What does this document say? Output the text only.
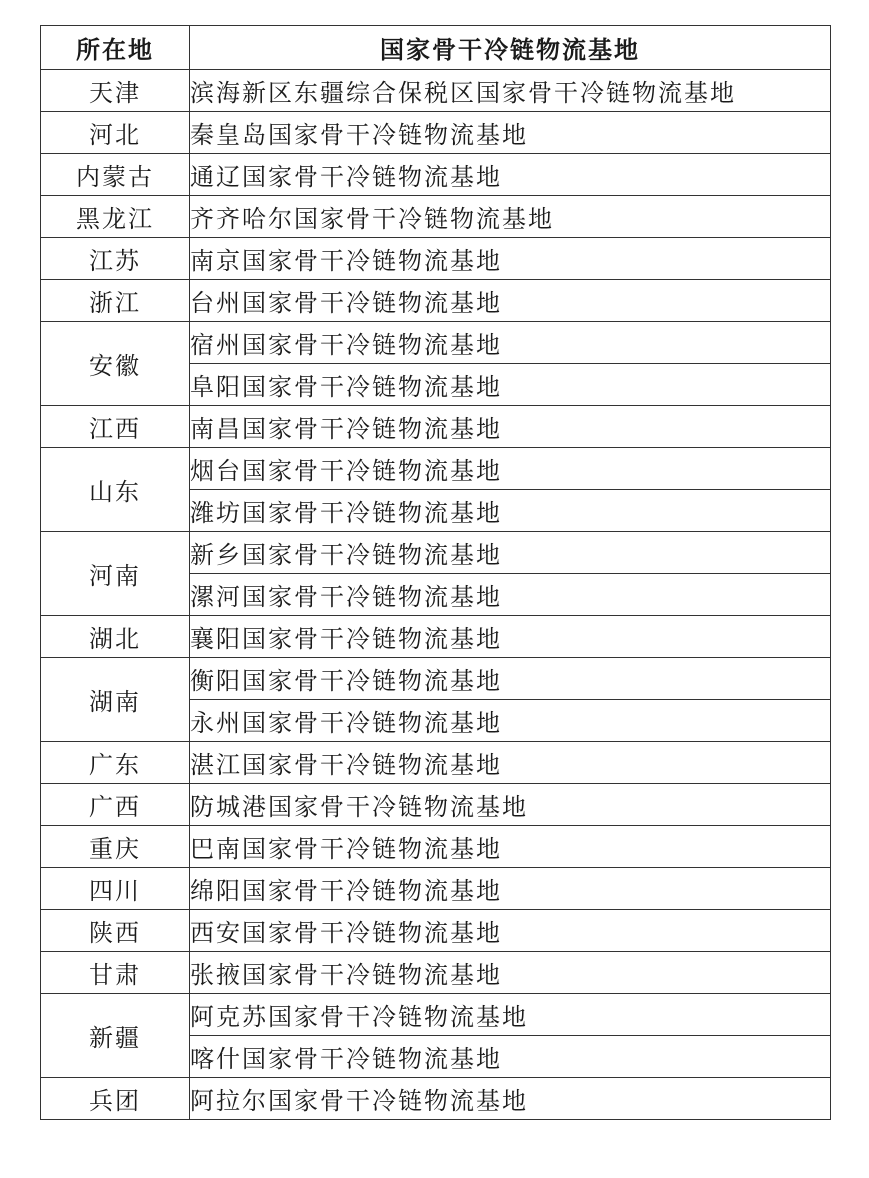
所在地	国家骨干冷链物流基地
天津	滨海新区东疆综合保税区国家骨干冷链物流基地
河北	秦皇岛国家骨干冷链物流基地
内蒙古	通辽国家骨干冷链物流基地
黑龙江	齐齐哈尔国家骨干冷链物流基地
江苏	南京国家骨干冷链物流基地
浙江	台州国家骨干冷链物流基地
安徽	宿州国家骨干冷链物流基地
	阜阳国家骨干冷链物流基地
江西	南昌国家骨干冷链物流基地
山东	烟台国家骨干冷链物流基地
	潍坊国家骨干冷链物流基地
河南	新乡国家骨干冷链物流基地
	漯河国家骨干冷链物流基地
湖北	襄阳国家骨干冷链物流基地
湖南	衡阳国家骨干冷链物流基地
	永州国家骨干冷链物流基地
广东	湛江国家骨干冷链物流基地
广西	防城港国家骨干冷链物流基地
重庆	巴南国家骨干冷链物流基地
四川	绵阳国家骨干冷链物流基地
陕西	西安国家骨干冷链物流基地
甘肃	张掖国家骨干冷链物流基地
新疆	阿克苏国家骨干冷链物流基地
	喀什国家骨干冷链物流基地
兵团	阿拉尔国家骨干冷链物流基地
